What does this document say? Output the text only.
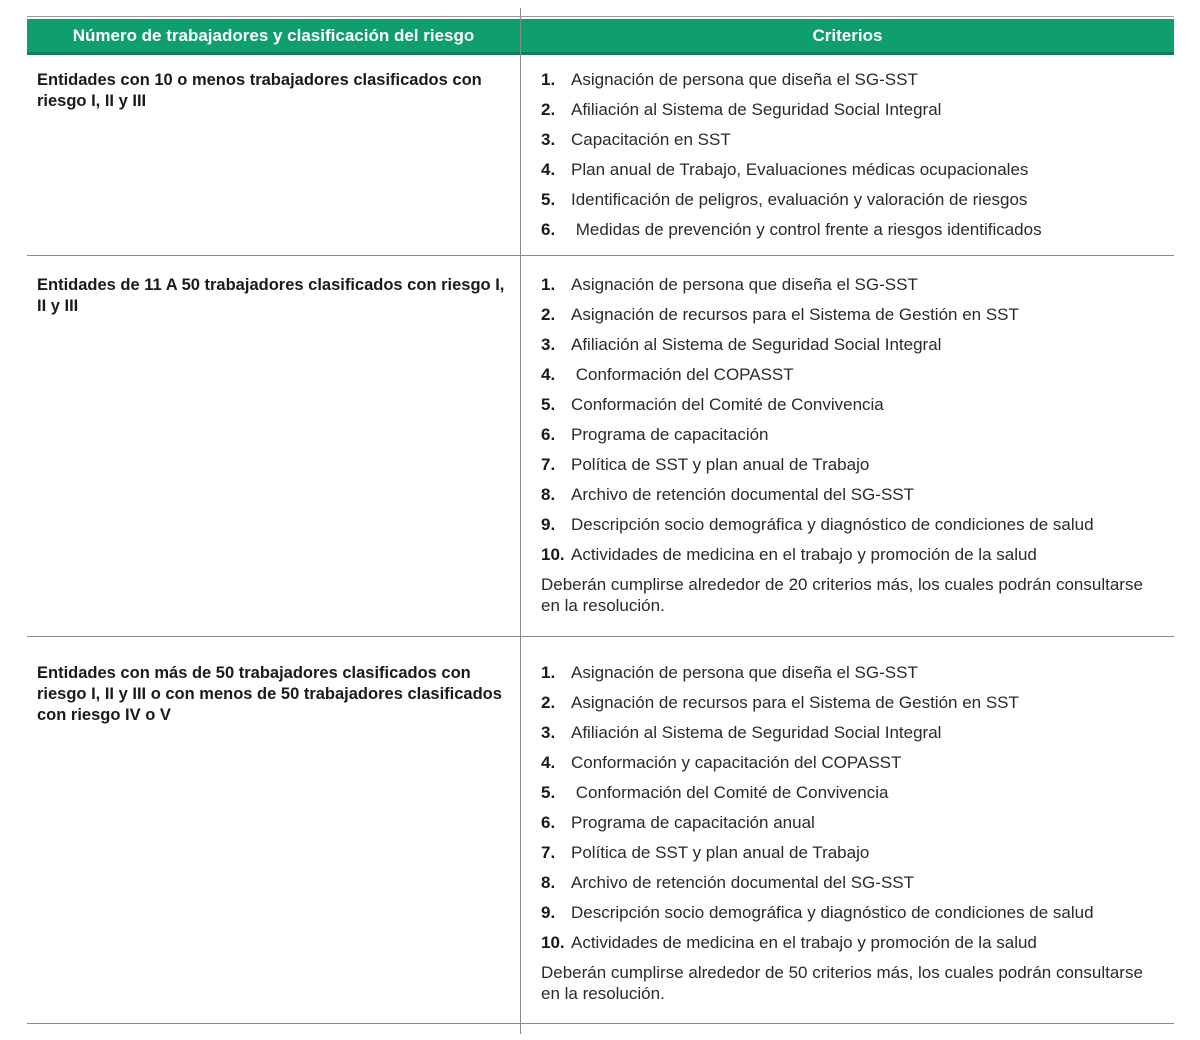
Número de trabajadores y clasificación del riesgo	Criterios
Entidades con 10 o menos trabajadores clasificados con riesgo I, II y III
1. Asignación de persona que diseña el SG-SST
2. Afiliación al Sistema de Seguridad Social Integral
3. Capacitación en SST
4. Plan anual de Trabajo, Evaluaciones médicas ocupacionales
5. Identificación de peligros, evaluación y valoración de riesgos
6. Medidas de prevención y control frente a riesgos identificados
Entidades de 11 A 50 trabajadores clasificados con riesgo I, II y III
1. Asignación de persona que diseña el SG-SST
2. Asignación de recursos para el Sistema de Gestión en SST
3. Afiliación al Sistema de Seguridad Social Integral
4. Conformación del COPASST
5. Conformación del Comité de Convivencia
6. Programa de capacitación
7. Política de SST y plan anual de Trabajo
8. Archivo de retención documental del SG-SST
9. Descripción socio demográfica y diagnóstico de condiciones de salud
10. Actividades de medicina en el trabajo y promoción de la salud
Deberán cumplirse alrededor de 20 criterios más, los cuales podrán consultarse en la resolución.
Entidades con más de 50 trabajadores clasificados con riesgo I, II y III o con menos de 50 trabajadores clasificados con riesgo IV o V
1. Asignación de persona que diseña el SG-SST
2. Asignación de recursos para el Sistema de Gestión en SST
3. Afiliación al Sistema de Seguridad Social Integral
4. Conformación y capacitación del COPASST
5. Conformación del Comité de Convivencia
6. Programa de capacitación anual
7. Política de SST y plan anual de Trabajo
8. Archivo de retención documental del SG-SST
9. Descripción socio demográfica y diagnóstico de condiciones de salud
10. Actividades de medicina en el trabajo y promoción de la salud
Deberán cumplirse alrededor de 50 criterios más, los cuales podrán consultarse en la resolución.
